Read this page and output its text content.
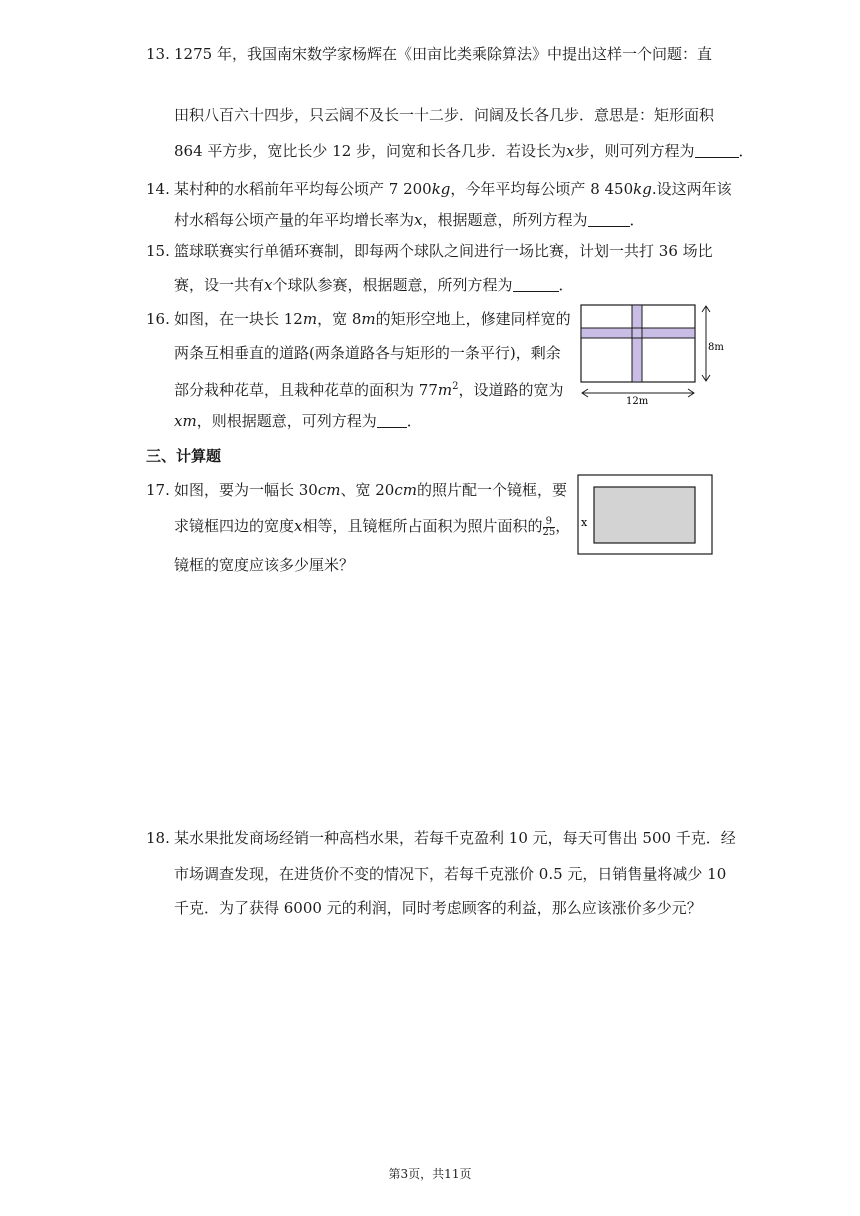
13. 1275 年，我国南宋数学家杨辉在《田亩比类乘除算法》中提出这样一个问题：直
田积八百六十四步，只云阔不及长一十二步．问阔及长各几步．意思是：矩形面积
864 平方步，宽比长少 12 步，问宽和长各几步．若设长为x步，则可列方程为	．
14. 某村种的水稻前年平均每公顷产 7 200kg，今年平均每公顷产 8 450kg.设这两年该
村水稻每公顷产量的年平均增长率为x，根据题意，所列方程为	．
15. 篮球联赛实行单循环赛制，即每两个球队之间进行一场比赛，计划一共打 36 场比
赛，设一共有x个球队参赛，根据题意，所列方程为	．
16. 如图，在一块长 12m，宽 8m的矩形空地上，修建同样宽的
两条互相垂直的道路(两条道路各与矩形的一条平行)，剩余
部分栽种花草，且栽种花草的面积为 $77m^2$，设道路的宽为
xm，则根据题意，可列方程为 ．
8m
12m
三、计算题
17. 如图，要为一幅长 30cm、宽 20cm的照片配一个镜框，要
求镜框四边的宽度x相等，且镜框所占面积为照片面积的 $\frac{9}{25}$ ，
镜框的宽度应该多少厘米？
x
18. 某水果批发商场经销一种高档水果，若每千克盈利 10 元，每天可售出 500 千克．经
市场调查发现，在进货价不变的情况下，若每千克涨价 0.5 元，日销售量将减少 10
千克．为了获得 6000 元的利润，同时考虑顾客的利益，那么应该涨价多少元？
第3页，共11页
